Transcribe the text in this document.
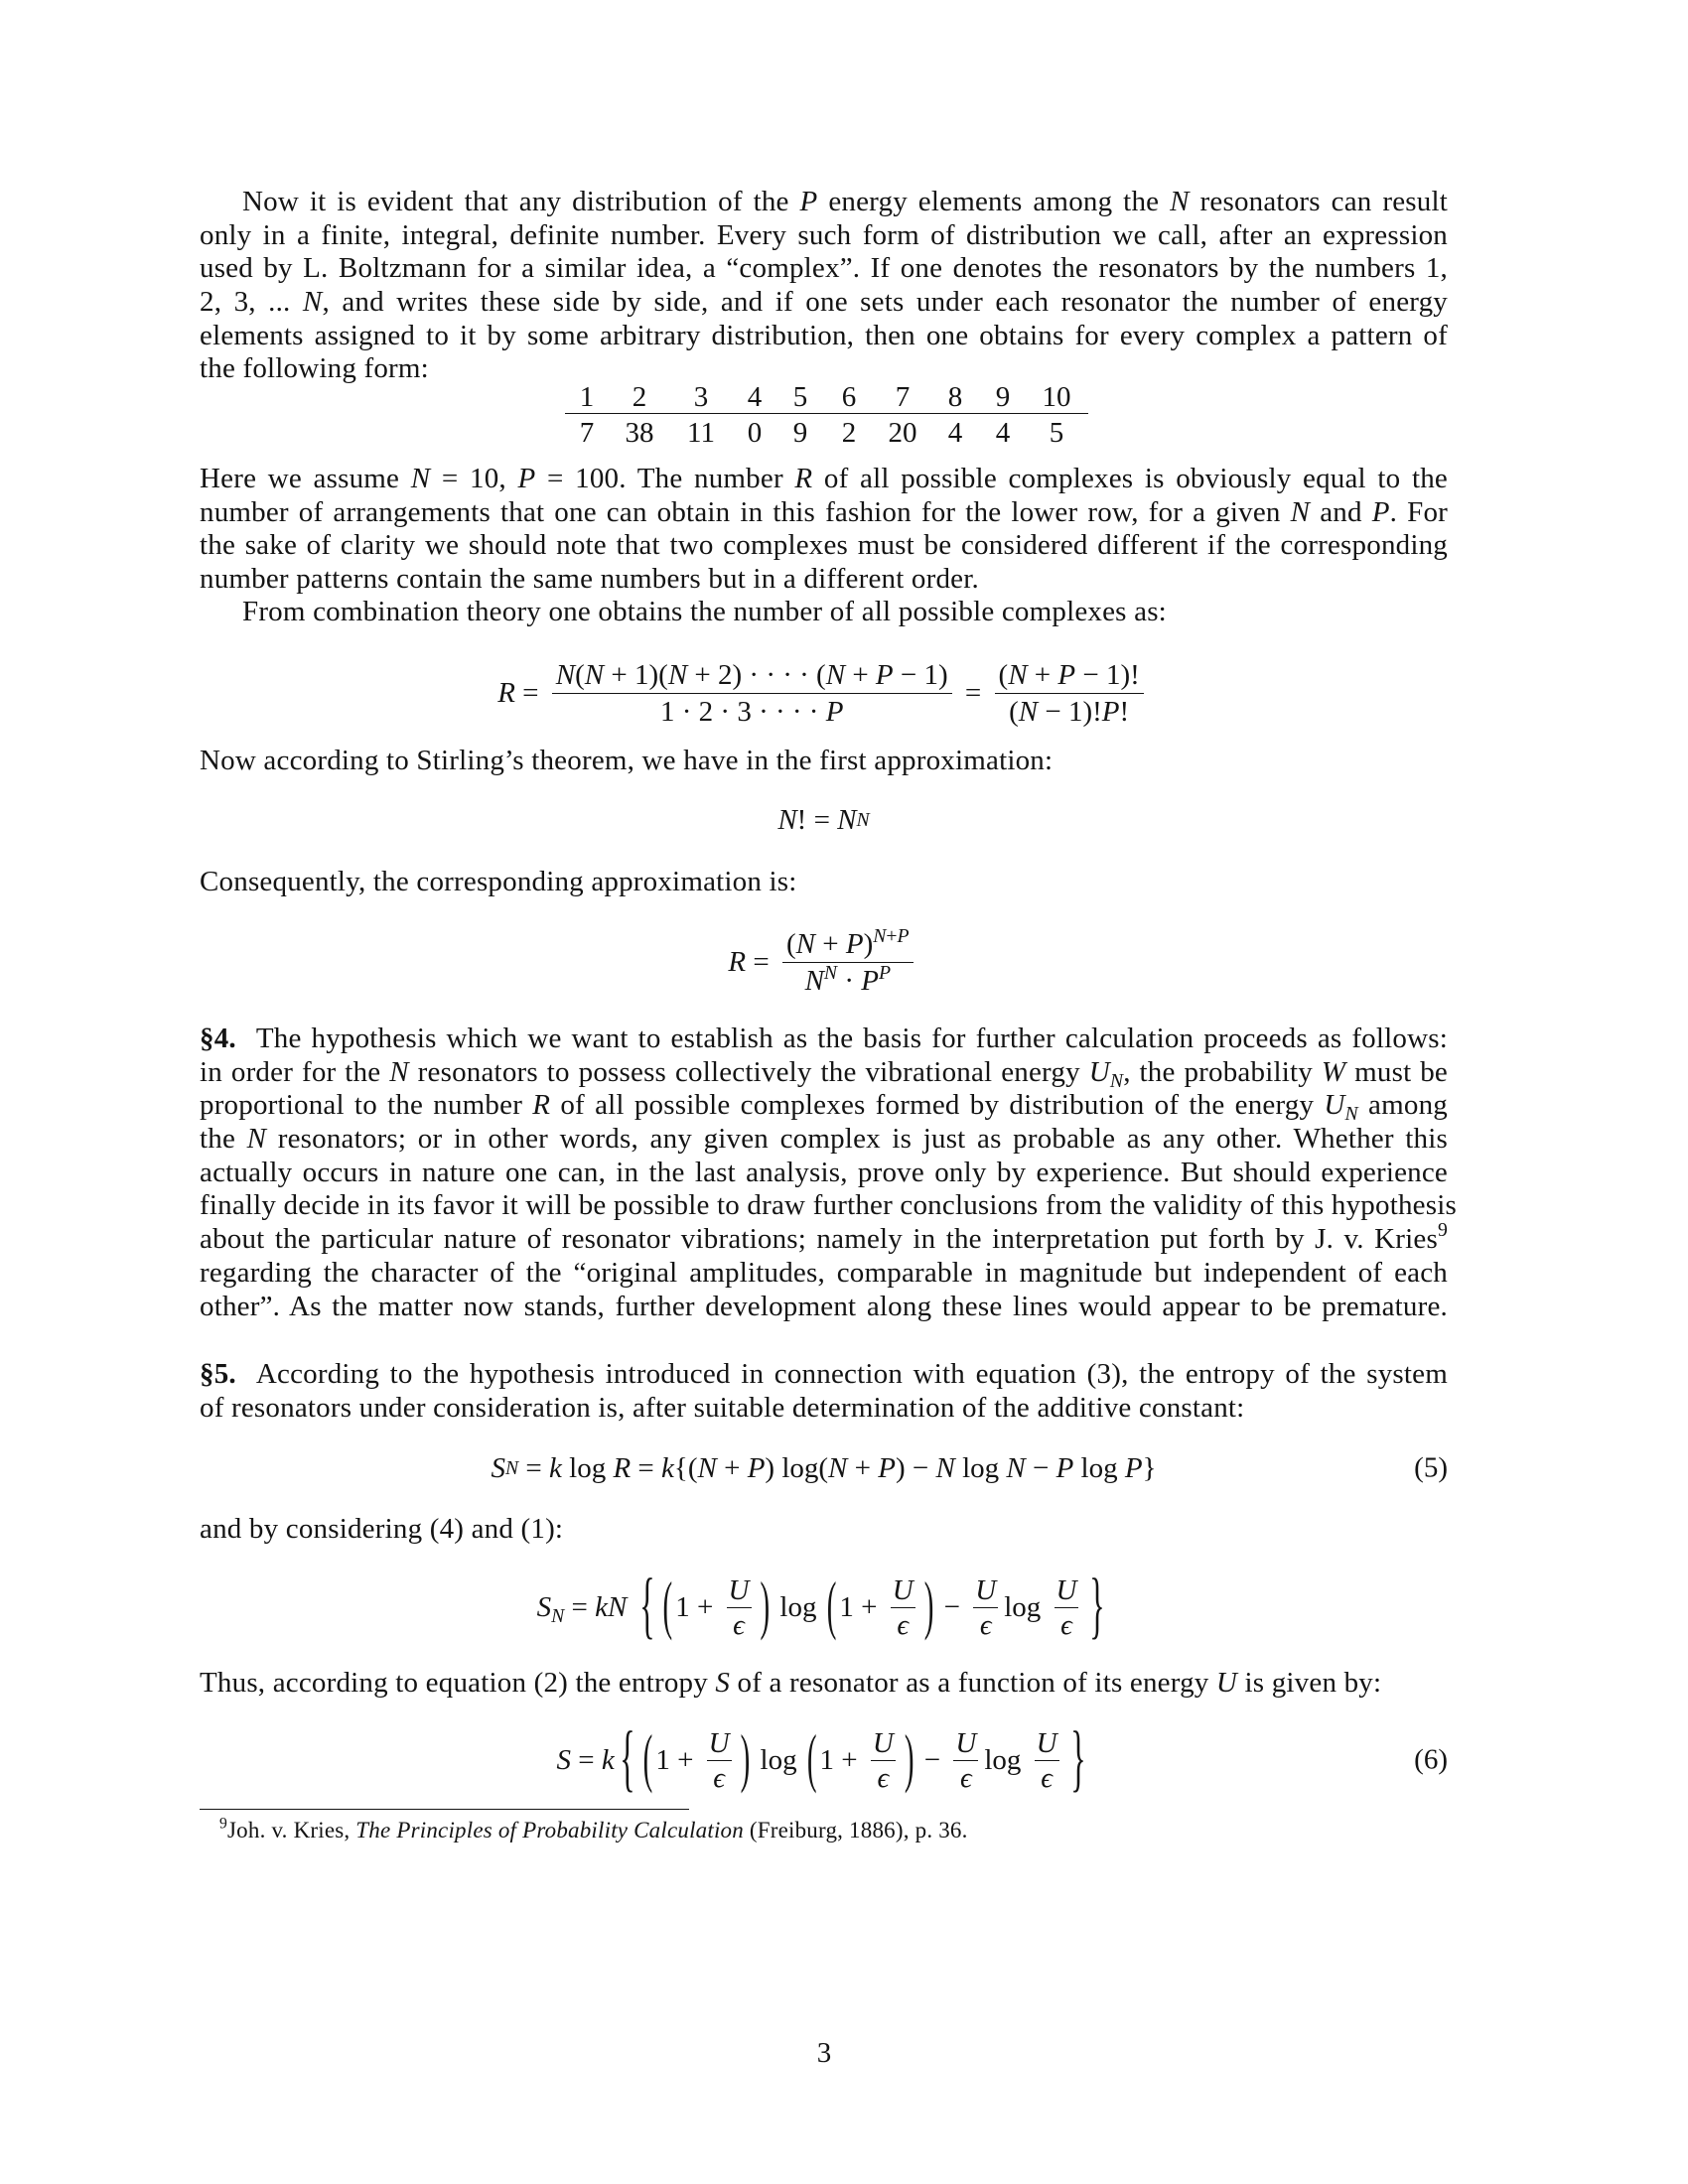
Now it is evident that any distribution of the P energy elements among the N resonators can result
only in a finite, integral, definite number. Every such form of distribution we call, after an expression
used by L. Boltzmann for a similar idea, a “complex”. If one denotes the resonators by the numbers 1,
2, 3, ... N, and writes these side by side, and if one sets under each resonator the number of energy
elements assigned to it by some arbitrary distribution, then one obtains for every complex a pattern of
the following form:
1 2 3 4 5 6 7 8 9 10
7 38 11 0 9 2 20 4 4 5
Here we assume N = 10, P = 100. The number R of all possible complexes is obviously equal to the
number of arrangements that one can obtain in this fashion for the lower row, for a given N and P. For
the sake of clarity we should note that two complexes must be considered different if the corresponding
number patterns contain the same numbers but in a different order.
From combination theory one obtains the number of all possible complexes as:
$R = \frac{N(N + 1)(N + 2) \cdot \cdot \cdot \cdot (N + P - 1)}{1 \cdot 2 \cdot 3 \cdot \cdot \cdot \cdot P} = \frac{(N + P - 1)!}{(N - 1)!P!}$
Now according to Stirling’s theorem, we have in the first approximation:
N ! = N N
Consequently, the corresponding approximation is:
$R = \frac{(N + P)^{N+P}}{N^N \cdot P^P}$
§4. The hypothesis which we want to establish as the basis for further calculation proceeds as follows:
in order for the N resonators to possess collectively the vibrational energy $U_N$, the probability W must be
proportional to the number R of all possible complexes formed by distribution of the energy $U_N$ among
the N resonators; or in other words, any given complex is just as probable as any other. Whether this
actually occurs in nature one can, in the last analysis, prove only by experience. But should experience
finally decide in its favor it will be possible to draw further conclusions from the validity of this hypothesis
about the particular nature of resonator vibrations; namely in the interpretation put forth by J. v. Kries$^9$
regarding the character of the “original amplitudes, comparable in magnitude but independent of each
other”. As the matter now stands, further development along these lines would appear to be premature.
§5. According to the hypothesis introduced in connection with equation (3), the entropy of the system
of resonators under consideration is, after suitable determination of the additive constant:
S N = k log R = k {( N + P ) log( N + P ) − N log N − P log P }	(5)
and by considering (4) and (1):
$S_N$ = kN { ( $1 + \frac{U}{\epsilon}$ ) log ( $1 + \frac{U}{\epsilon}$ ) − $\frac{U}{\epsilon}$ $\log \frac{U}{\epsilon}$ }
Thus, according to equation (2) the entropy S of a resonator as a function of its energy U is given by:
S = k { ( $1 + \frac{U}{\epsilon}$ ) log ( $1 + \frac{U}{\epsilon}$ ) − $\frac{U}{\epsilon}$ $\log \frac{U}{\epsilon}$ }	(6)
$^9$Joh. v. Kries, The Principles of Probability Calculation (Freiburg, 1886), p. 36.
3
